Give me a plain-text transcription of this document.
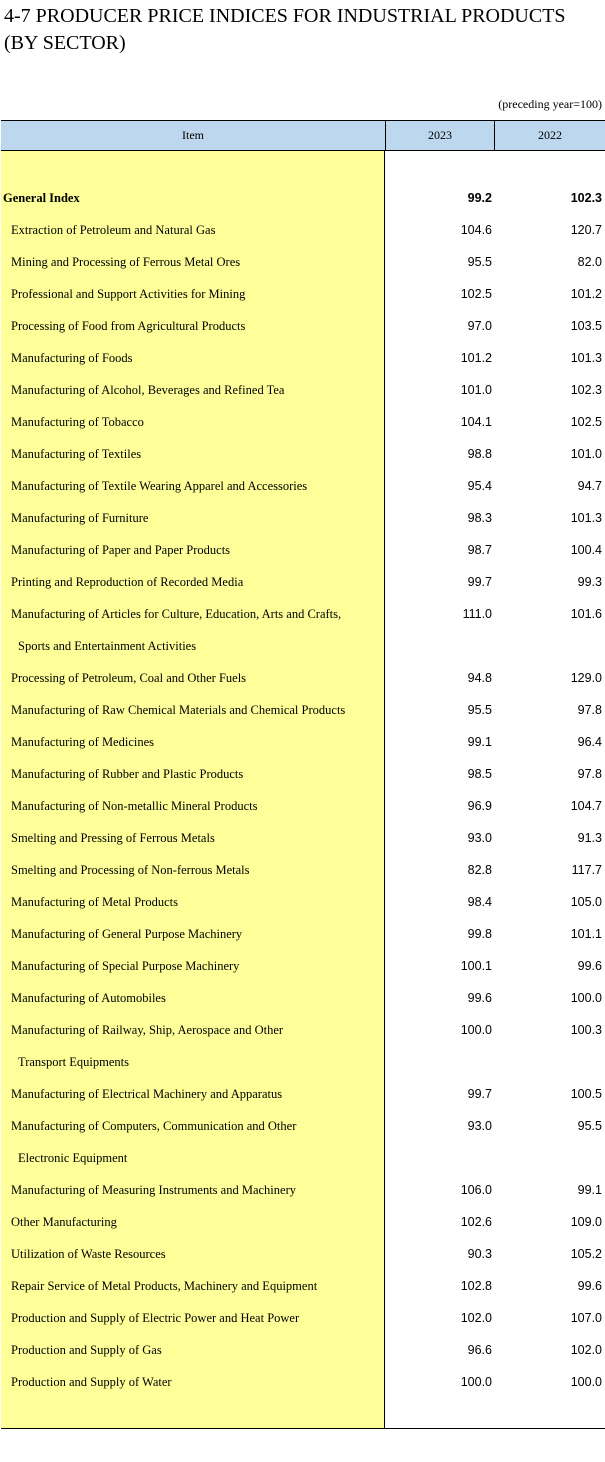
4-7 PRODUCER PRICE INDICES FOR INDUSTRIAL PRODUCTS (BY SECTOR)
(preceding year=100)
Item	2023	2022
General Index	99.2	102.3
Extraction of Petroleum and Natural Gas	104.6	120.7
Mining and Processing of Ferrous Metal Ores	95.5	82.0
Professional and Support Activities for Mining	102.5	101.2
Processing of Food from Agricultural Products	97.0	103.5
Manufacturing of Foods	101.2	101.3
Manufacturing of Alcohol, Beverages and Refined Tea	101.0	102.3
Manufacturing of Tobacco	104.1	102.5
Manufacturing of Textiles	98.8	101.0
Manufacturing of Textile Wearing Apparel and Accessories	95.4	94.7
Manufacturing of Furniture	98.3	101.3
Manufacturing of Paper and Paper Products	98.7	100.4
Printing and Reproduction of Recorded Media	99.7	99.3
Manufacturing of Articles for Culture, Education, Arts and Crafts,	111.0	101.6
Sports and Entertainment Activities
Processing of Petroleum, Coal and Other Fuels	94.8	129.0
Manufacturing of Raw Chemical Materials and Chemical Products	95.5	97.8
Manufacturing of Medicines	99.1	96.4
Manufacturing of Rubber and Plastic Products	98.5	97.8
Manufacturing of Non-metallic Mineral Products	96.9	104.7
Smelting and Pressing of Ferrous Metals	93.0	91.3
Smelting and Processing of Non-ferrous Metals	82.8	117.7
Manufacturing of Metal Products	98.4	105.0
Manufacturing of General Purpose Machinery	99.8	101.1
Manufacturing of Special Purpose Machinery	100.1	99.6
Manufacturing of Automobiles	99.6	100.0
Manufacturing of Railway, Ship, Aerospace and Other	100.0	100.3
Transport Equipments
Manufacturing of Electrical Machinery and Apparatus	99.7	100.5
Manufacturing of Computers, Communication and Other	93.0	95.5
Electronic Equipment
Manufacturing of Measuring Instruments and Machinery	106.0	99.1
Other Manufacturing	102.6	109.0
Utilization of Waste Resources	90.3	105.2
Repair Service of Metal Products, Machinery and Equipment	102.8	99.6
Production and Supply of Electric Power and Heat Power	102.0	107.0
Production and Supply of Gas	96.6	102.0
Production and Supply of Water	100.0	100.0
